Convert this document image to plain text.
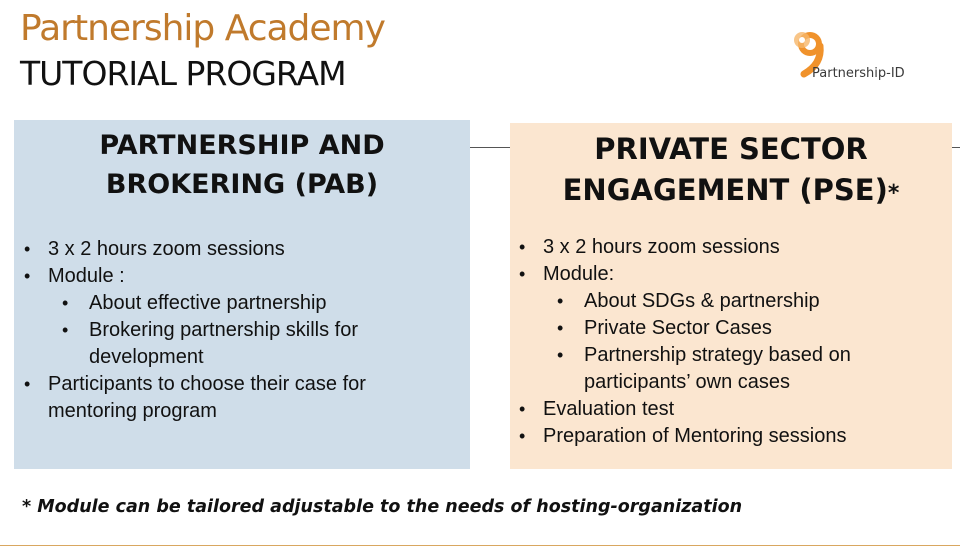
Partnership Academy
TUTORIAL PROGRAM	Partnership-ID
PARTNERSHIP AND
BROKERING (PAB)
• 3 x 2 hours zoom sessions
• Module :
• About effective partnership
• Brokering partnership skills for
development
• Participants to choose their case for
mentoring program
PRIVATE SECTOR
ENGAGEMENT (PSE)*
• 3 x 2 hours zoom sessions
• Module:
• About SDGs & partnership
• Private Sector Cases
• Partnership strategy based on
participants’ own cases
• Evaluation test
• Preparation of Mentoring sessions
* Module can be tailored adjustable to the needs of hosting-organization
